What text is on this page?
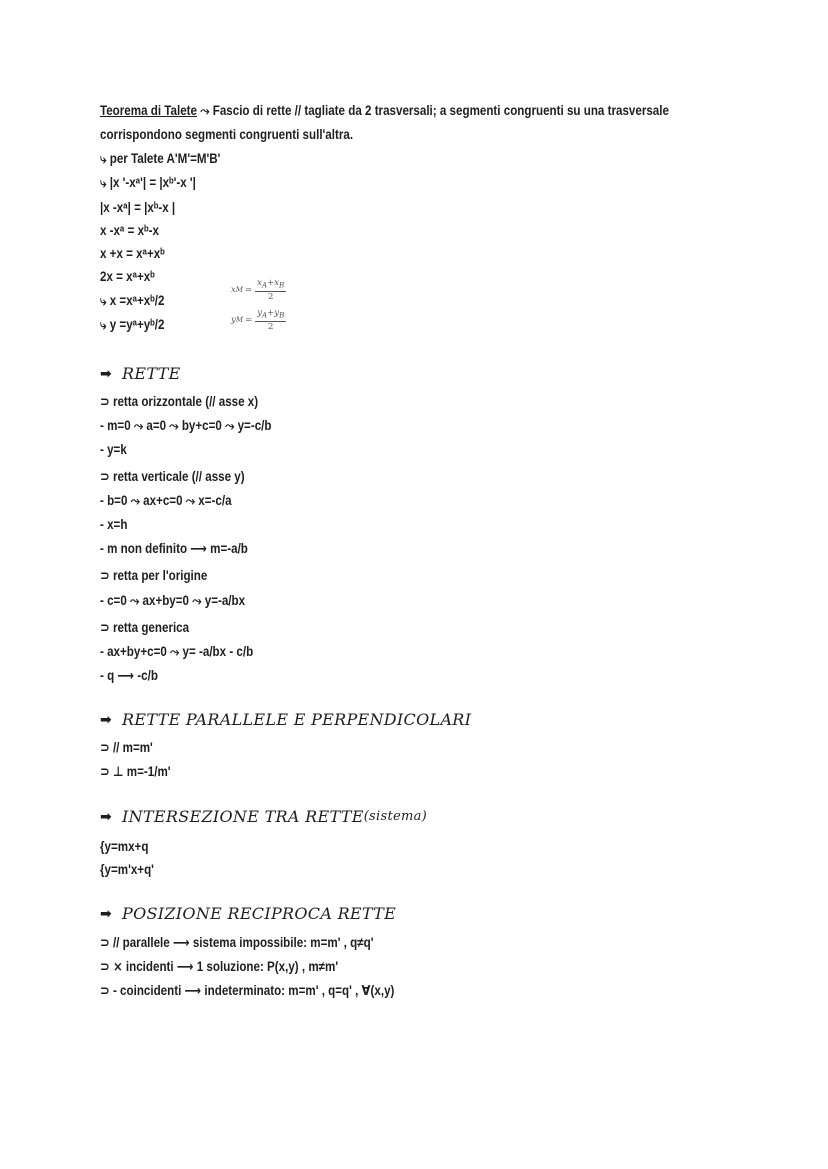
Teorema di Talete ⤳ Fascio di rette // tagliate da 2 trasversali; a segmenti congruenti su una trasversale
corrispondono segmenti congruenti sull'altra.
⤷ per Talete A'M'=M'B'
⤷ |x '-xᵃ'| = |xᵇ'-x '|
|x -xᵃ| = |xᵇ-x |
x -xᵃ = xᵇ-x
x +x = xᵃ+xᵇ
2x = xᵃ+xᵇ
⤷ x =xᵃ+xᵇ/2
⤷ y =yᵃ+yᵇ/2
x $M = \frac{x_A+x_B}{2}$
y $M = \frac{y_A+y_B}{2}$
➡ RETTE
⊃ retta orizzontale (// asse x)
- m=0 ⤳ a=0 ⤳ by+c=0 ⤳ y=-c/b
- y=k
⊃ retta verticale (// asse y)
- b=0 ⤳ ax+c=0 ⤳ x=-c/a
- x=h
- m non definito ⟶ m=-a/b
⊃ retta per l'origine
- c=0 ⤳ ax+by=0 ⤳ y=-a/bx
⊃ retta generica
- ax+by+c=0 ⤳ y= -a/bx - c/b
- q ⟶ -c/b
➡ RETTE PARALLELE E PERPENDICOLARI
⊃ // m=m'
⊃ ⊥ m=-1/m'
➡ INTERSEZIONE TRA RETTE (sistema)
{y=mx+q
{y=m'x+q'
➡ POSIZIONE RECIPROCA RETTE
⊃ // parallele ⟶ sistema impossibile: m=m' , q≠q'
⊃ ⨯ incidenti ⟶ 1 soluzione: P(x,y) , m≠m'
⊃ - coincidenti ⟶ indeterminato: m=m' , q=q' , ∀(x,y)
